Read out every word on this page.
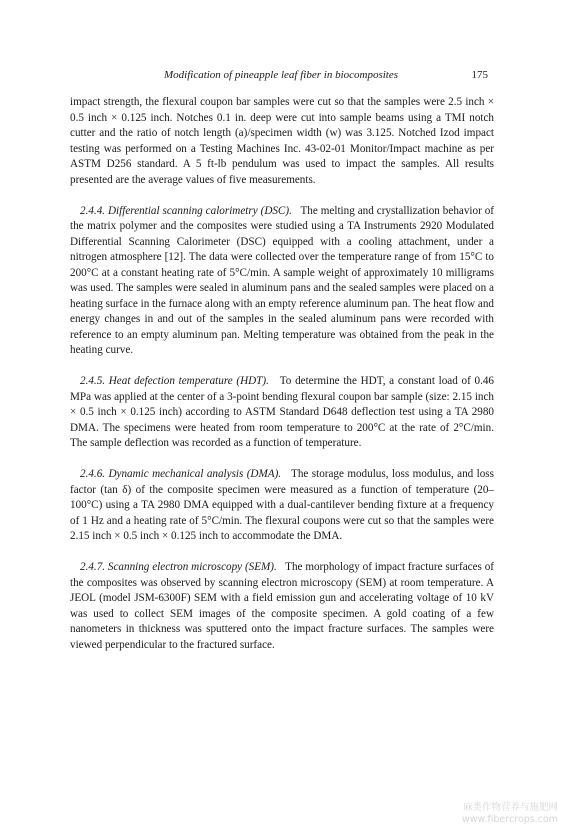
Modification of pineapple leaf fiber in biocomposites	175

impact strength, the flexural coupon bar samples were cut so that the samples were 2.5 inch × 0.5 inch × 0.125 inch. Notches 0.1 in. deep were cut into sample beams using a TMI notch cutter and the ratio of notch length (a)/specimen width (w) was 3.125. Notched Izod impact testing was performed on a Testing Machines Inc. 43-02-01 Monitor/Impact machine as per ASTM D256 standard. A 5 ft-lb pendulum was used to impact the samples. All results presented are the average values of five measurements.

2.4.4. Differential scanning calorimetry (DSC). The melting and crystallization behavior of the matrix polymer and the composites were studied using a TA Instruments 2920 Modulated Differential Scanning Calorimeter (DSC) equipped with a cooling attachment, under a nitrogen atmosphere [12]. The data were collected over the temperature range of from 15°C to 200°C at a constant heating rate of 5°C/min. A sample weight of approximately 10 milligrams was used. The samples were sealed in aluminum pans and the sealed samples were placed on a heating surface in the furnace along with an empty reference aluminum pan. The heat flow and energy changes in and out of the samples in the sealed aluminum pans were recorded with reference to an empty aluminum pan. Melting temperature was obtained from the peak in the heating curve.

2.4.5. Heat defection temperature (HDT). To determine the HDT, a constant load of 0.46 MPa was applied at the center of a 3-point bending flexural coupon bar sample (size: 2.15 inch × 0.5 inch × 0.125 inch) according to ASTM Standard D648 deflection test using a TA 2980 DMA. The specimens were heated from room temperature to 200°C at the rate of 2°C/min. The sample deflection was recorded as a function of temperature.

2.4.6. Dynamic mechanical analysis (DMA). The storage modulus, loss modulus, and loss factor (tan δ) of the composite specimen were measured as a function of temperature (20–100°C) using a TA 2980 DMA equipped with a dual-cantilever bending fixture at a frequency of 1 Hz and a heating rate of 5°C/min. The flexural coupons were cut so that the samples were 2.15 inch × 0.5 inch × 0.125 inch to accommodate the DMA.

2.4.7. Scanning electron microscopy (SEM). The morphology of impact fracture surfaces of the composites was observed by scanning electron microscopy (SEM) at room temperature. A JEOL (model JSM-6300F) SEM with a field emission gun and accelerating voltage of 10 kV was used to collect SEM images of the composite specimen. A gold coating of a few nanometers in thickness was sputtered onto the impact fracture surfaces. The samples were viewed perpendicular to the fractured surface.

麻类作物营养与施肥网
www.fibercrops.com
